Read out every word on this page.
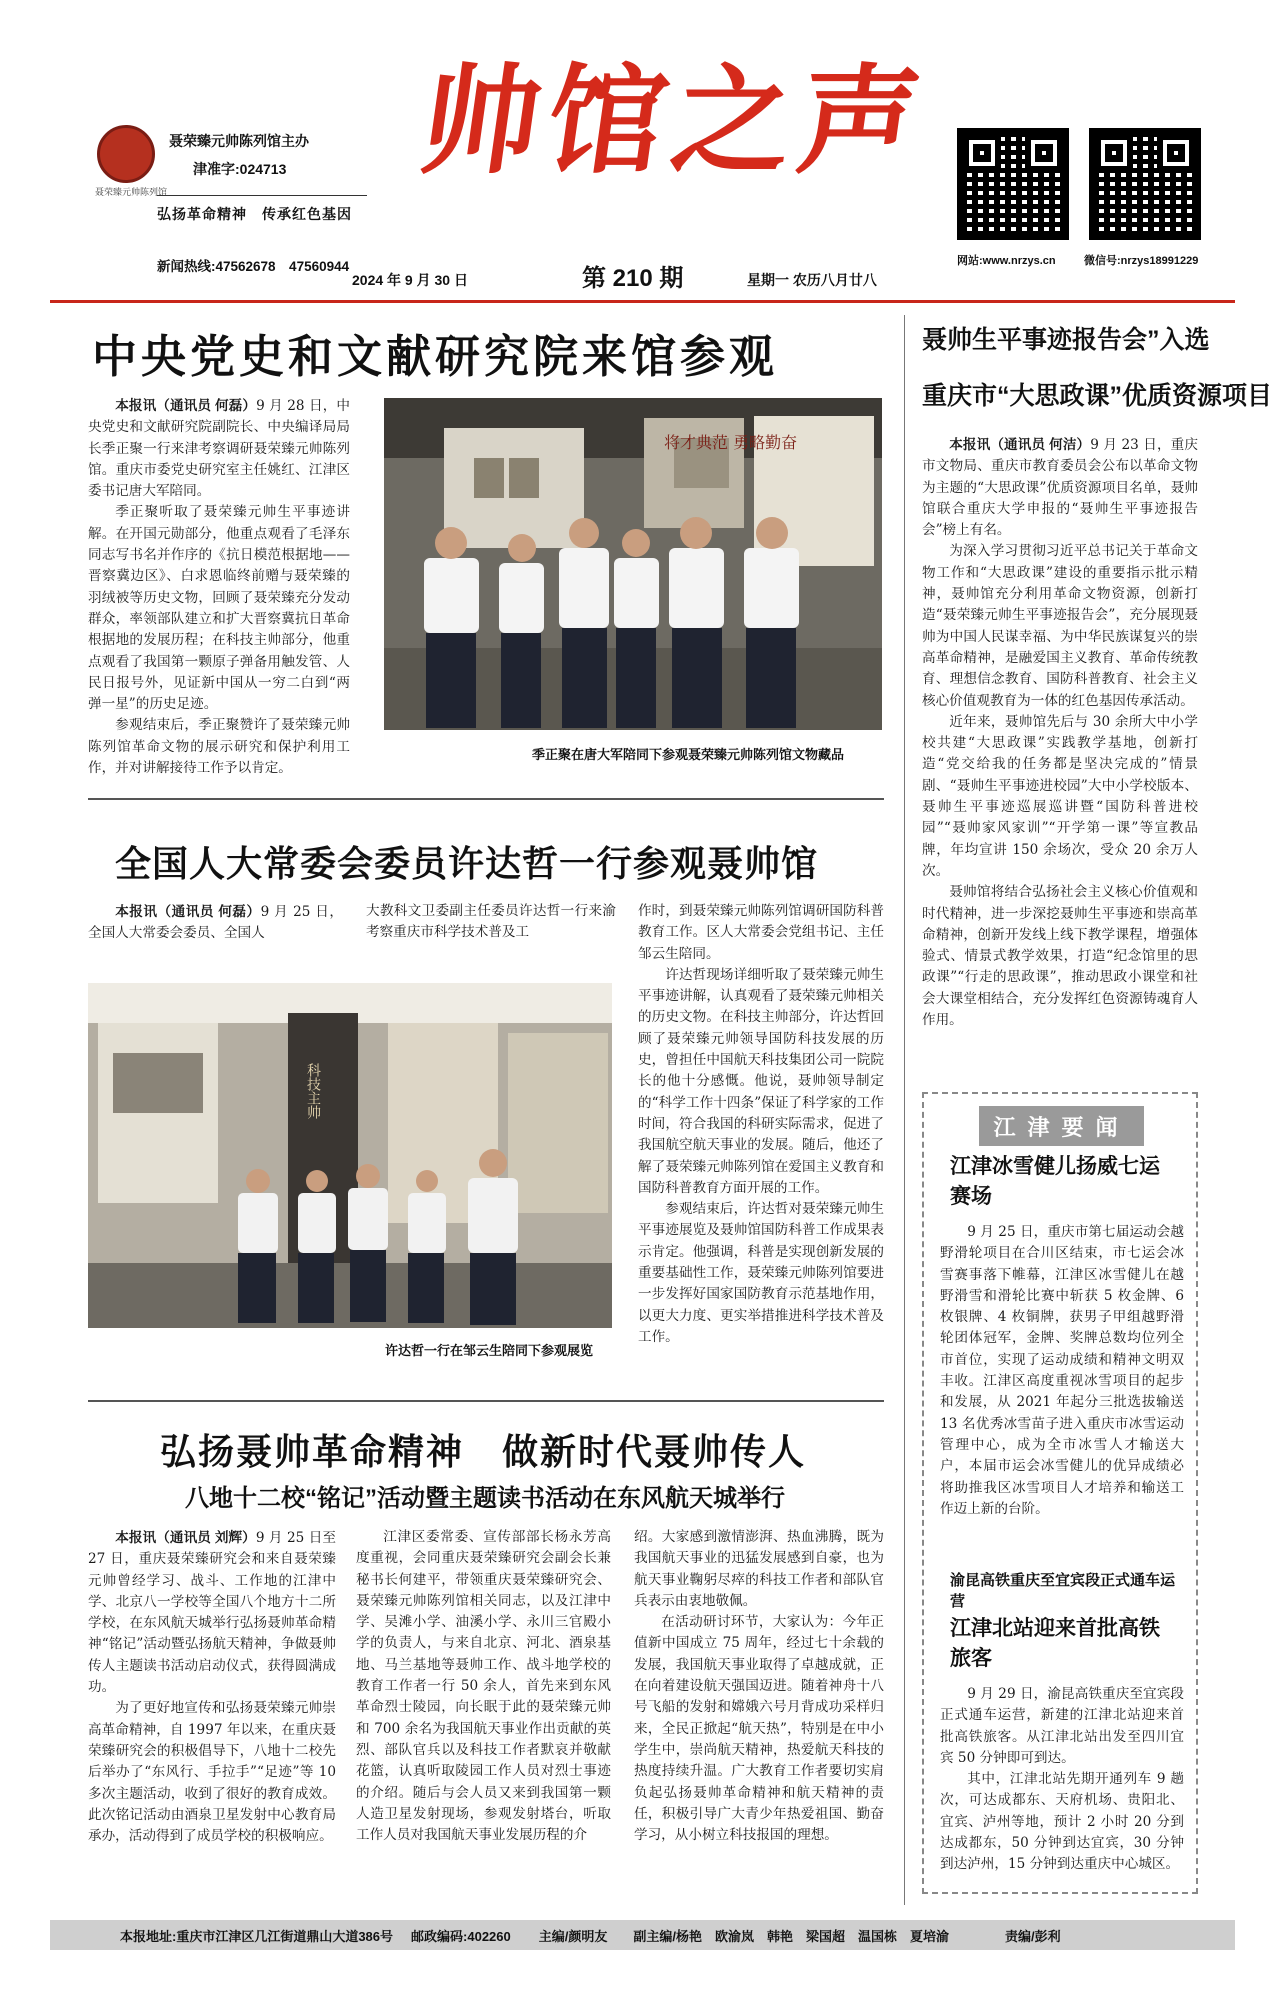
聂荣臻元帅陈列馆
聂荣臻元帅陈列馆主办
津准字:024713
弘扬革命精神　传承红色基因
新闻热线:47562678　47560944
帅馆之声
2024 年 9 月 30 日	第 210 期	星期一 农历八月廿八
网站:www.nrzys.cn	微信号:nrzys18991229
中央党史和文献研究院来馆参观

本报讯（通讯员 何磊）9 月 28 日，中央党史和文献研究院副院长、中央编译局局长季正聚一行来津考察调研聂荣臻元帅陈列馆。重庆市委党史研究室主任姚红、江津区委书记唐大军陪同。

季正聚听取了聂荣臻元帅生平事迹讲解。在开国元勋部分，他重点观看了毛泽东同志写书名并作序的《抗日模范根据地——晋察冀边区》、白求恩临终前赠与聂荣臻的羽绒被等历史文物，回顾了聂荣臻充分发动群众，率领部队建立和扩大晋察冀抗日革命根据地的发展历程；在科技主帅部分，他重点观看了我国第一颗原子弹备用触发管、人民日报号外，见证新中国从一穷二白到“两弹一星”的历史足迹。

参观结束后，季正聚赞许了聂荣臻元帅陈列馆革命文物的展示研究和保护利用工作，并对讲解接待工作予以肯定。

将才典范 勇略勤奋
季正聚在唐大军陪同下参观聂荣臻元帅陈列馆文物藏品
全国人大常委会委员许达哲一行参观聂帅馆

本报讯（通讯员 何磊）9 月 25 日，全国人大常委会委员、全国人

大教科文卫委副主任委员许达哲一行来渝考察重庆市科学技术普及工

作时，到聂荣臻元帅陈列馆调研国防科普教育工作。区人大常委会党组书记、主任邹云生陪同。

许达哲现场详细听取了聂荣臻元帅生平事迹讲解，认真观看了聂荣臻元帅相关的历史文物。在科技主帅部分，许达哲回顾了聂荣臻元帅领导国防科技发展的历史，曾担任中国航天科技集团公司一院院长的他十分感慨。他说，聂帅领导制定的“科学工作十四条”保证了科学家的工作时间，符合我国的科研实际需求，促进了我国航空航天事业的发展。随后，他还了解了聂荣臻元帅陈列馆在爱国主义教育和国防科普教育方面开展的工作。

参观结束后，许达哲对聂荣臻元帅生平事迹展览及聂帅馆国防科普工作成果表示肯定。他强调，科普是实现创新发展的重要基础性工作，聂荣臻元帅陈列馆要进一步发挥好国家国防教育示范基地作用，以更大力度、更实举措推进科学技术普及工作。

科技主帅
许达哲一行在邹云生陪同下参观展览
弘扬聂帅革命精神　做新时代聂帅传人
八地十二校“铭记”活动暨主题读书活动在东风航天城举行

本报讯（通讯员 刘辉）9 月 25 日至 27 日，重庆聂荣臻研究会和来自聂荣臻元帅曾经学习、战斗、工作地的江津中学、北京八一学校等全国八个地方十二所学校，在东风航天城举行弘扬聂帅革命精神“铭记”活动暨弘扬航天精神，争做聂帅传人主题读书活动启动仪式，获得圆满成功。

为了更好地宣传和弘扬聂荣臻元帅崇高革命精神，自 1997 年以来，在重庆聂荣臻研究会的积极倡导下，八地十二校先后举办了“东风行、手拉手”“足迹”等 10 多次主题活动，收到了很好的教育成效。此次铭记活动由酒泉卫星发射中心教育局承办，活动得到了成员学校的积极响应。

江津区委常委、宣传部部长杨永芳高度重视，会同重庆聂荣臻研究会副会长兼秘书长何建平，带领重庆聂荣臻研究会、聂荣臻元帅陈列馆相关同志，以及江津中学、吴滩小学、油溪小学、永川三官殿小学的负责人，与来自北京、河北、酒泉基地、马兰基地等聂帅工作、战斗地学校的教育工作者一行 50 余人，首先来到东风革命烈士陵园，向长眠于此的聂荣臻元帅和 700 余名为我国航天事业作出贡献的英烈、部队官兵以及科技工作者默哀并敬献花篮，认真听取陵园工作人员对烈士事迹的介绍。随后与会人员又来到我国第一颗人造卫星发射现场，参观发射塔台，听取工作人员对我国航天事业发展历程的介

绍。大家感到激情澎湃、热血沸腾，既为我国航天事业的迅猛发展感到自豪，也为航天事业鞠躬尽瘁的科技工作者和部队官兵表示由衷地敬佩。

在活动研讨环节，大家认为：今年正值新中国成立 75 周年，经过七十余载的发展，我国航天事业取得了卓越成就，正在向着建设航天强国迈进。随着神舟十八号飞船的发射和嫦娥六号月背成功采样归来，全民正掀起“航天热”，特别是在中小学生中，崇尚航天精神，热爱航天科技的热度持续升温。广大教育工作者要切实肩负起弘扬聂帅革命精神和航天精神的责任，积极引导广大青少年热爱祖国、勤奋学习，从小树立科技报国的理想。

聂帅生平事迹报告会”入选
重庆市“大思政课”优质资源项目

本报讯（通讯员 何洁）9 月 23 日，重庆市文物局、重庆市教育委员会公布以革命文物为主题的“大思政课”优质资源项目名单，聂帅馆联合重庆大学申报的“聂帅生平事迹报告会”榜上有名。

为深入学习贯彻习近平总书记关于革命文物工作和“大思政课”建设的重要指示批示精神，聂帅馆充分利用革命文物资源，创新打造“聂荣臻元帅生平事迹报告会”，充分展现聂帅为中国人民谋幸福、为中华民族谋复兴的崇高革命精神，是融爱国主义教育、革命传统教育、理想信念教育、国防科普教育、社会主义核心价值观教育为一体的红色基因传承活动。

近年来，聂帅馆先后与 30 余所大中小学校共建“大思政课”实践教学基地，创新打造“党交给我的任务都是坚决完成的”情景剧、“聂帅生平事迹进校园”大中小学校版本、聂帅生平事迹巡展巡讲暨“国防科普进校园”“聂帅家风家训”“开学第一课”等宣教品牌，年均宣讲 150 余场次，受众 20 余万人次。

聂帅馆将结合弘扬社会主义核心价值观和时代精神，进一步深挖聂帅生平事迹和崇高革命精神，创新开发线上线下教学课程，增强体验式、情景式教学效果，打造“纪念馆里的思政课”“行走的思政课”，推动思政小课堂和社会大课堂相结合，充分发挥红色资源铸魂育人作用。

江津要闻
江津冰雪健儿扬威七运赛场

9 月 25 日，重庆市第七届运动会越野滑轮项目在合川区结束，市七运会冰雪赛事落下帷幕，江津区冰雪健儿在越野滑雪和滑轮比赛中斩获 5 枚金牌、6 枚银牌、4 枚铜牌，获男子甲组越野滑轮团体冠军，金牌、奖牌总数均位列全市首位，实现了运动成绩和精神文明双丰收。江津区高度重视冰雪项目的起步和发展，从 2021 年起分三批选拔输送 13 名优秀冰雪苗子进入重庆市冰雪运动管理中心，成为全市冰雪人才输送大户，本届市运会冰雪健儿的优异成绩必将助推我区冰雪项目人才培养和输送工作迈上新的台阶。

渝昆高铁重庆至宜宾段正式通车运营
江津北站迎来首批高铁旅客

9 月 29 日，渝昆高铁重庆至宜宾段正式通车运营，新建的江津北站迎来首批高铁旅客。从江津北站出发至四川宜宾 50 分钟即可到达。

其中，江津北站先期开通列车 9 趟次，可达成都东、天府机场、贵阳北、宜宾、泸州等地，预计 2 小时 20 分到达成都东，50 分钟到达宜宾，30 分钟到达泸州，15 分钟到达重庆中心城区。

本报地址:重庆市江津区几江街道鼎山大道386号 邮政编码:402260 主编/颜明友 副主编/杨艳　欧渝岚　韩艳　梁国超　温国栋　夏培渝	责编/彭利
